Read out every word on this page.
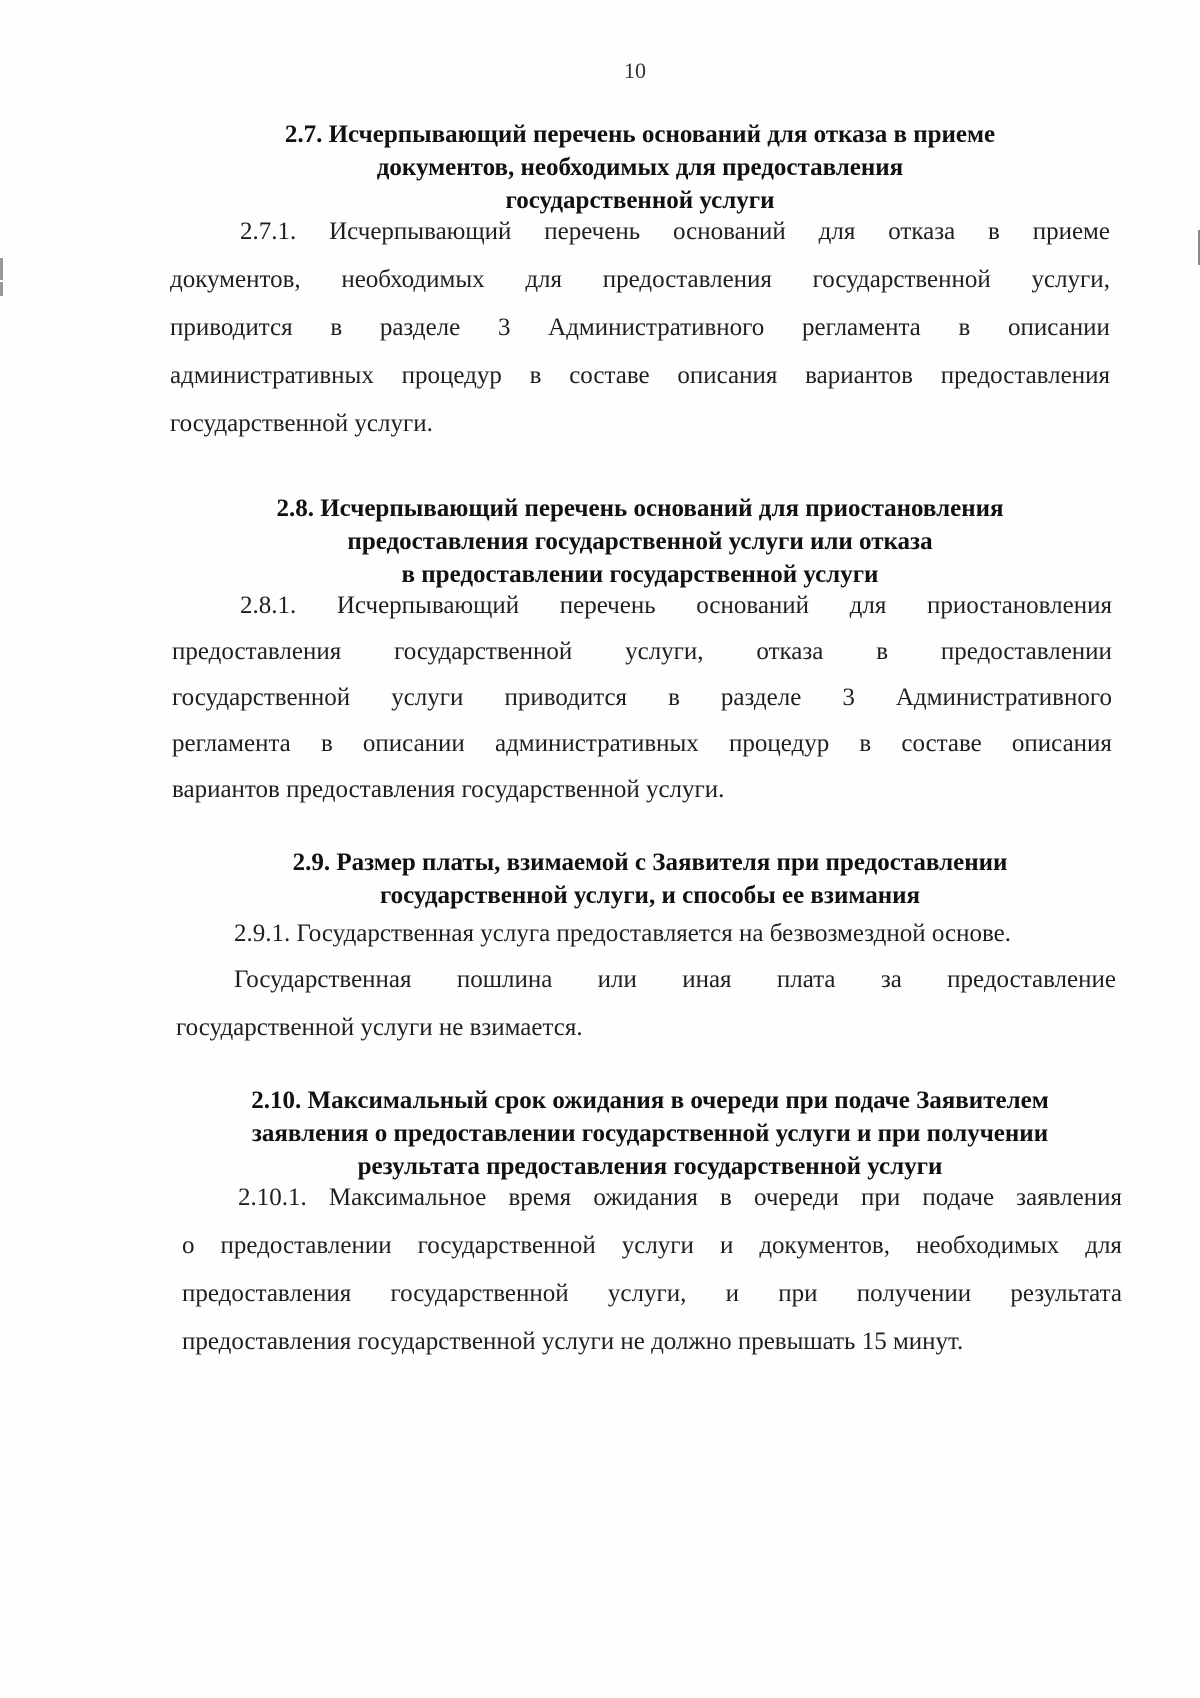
10
2.7. Исчерпывающий перечень оснований для отказа в приеме
документов, необходимых для предоставления
государственной услуги
2.7.1. Исчерпывающий перечень оснований для отказа в приеме
документов, необходимых для предоставления государственной услуги,
приводится в разделе 3 Административного регламента в описании
административных процедур в составе описания вариантов предоставления
государственной услуги.
2.8. Исчерпывающий перечень оснований для приостановления
предоставления государственной услуги или отказа
в предоставлении государственной услуги
2.8.1. Исчерпывающий перечень оснований для приостановления
предоставления государственной услуги, отказа в предоставлении
государственной услуги приводится в разделе 3 Административного
регламента в описании административных процедур в составе описания
вариантов предоставления государственной услуги.
2.9. Размер платы, взимаемой с Заявителя при предоставлении
государственной услуги, и способы ее взимания
2.9.1. Государственная услуга предоставляется на безвозмездной основе.
Государственная пошлина или иная плата за предоставление
государственной услуги не взимается.
2.10. Максимальный срок ожидания в очереди при подаче Заявителем
заявления о предоставлении государственной услуги и при получении
результата предоставления государственной услуги
2.10.1. Максимальное время ожидания в очереди при подаче заявления
о предоставлении государственной услуги и документов, необходимых для
предоставления государственной услуги, и при получении результата
предоставления государственной услуги не должно превышать 15 минут.
